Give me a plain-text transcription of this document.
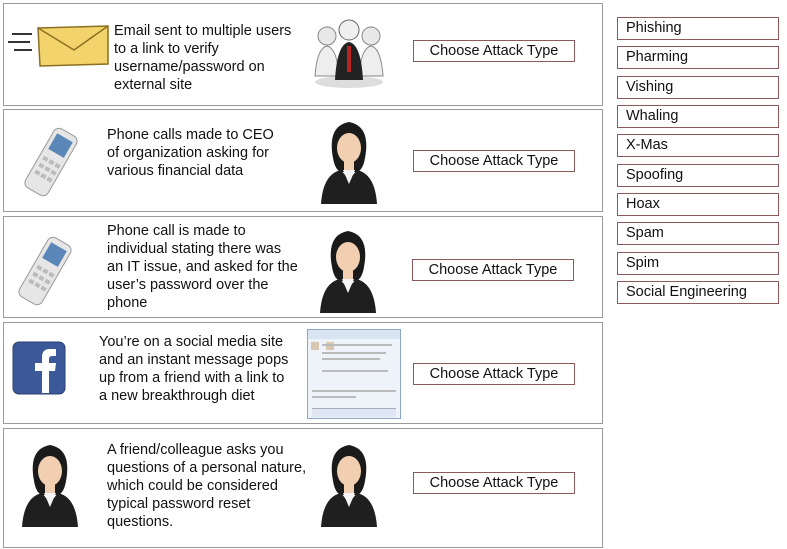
Email sent to multiple users
to a link to verify
username/password on
external site
Choose Attack Type
Phone calls made to CEO
of organization asking for
various financial data
Choose Attack Type
Phone call is made to
individual stating there was
an IT issue, and asked for the
user’s password over the
phone
Choose Attack Type
You’re on a social media site
and an instant message pops
up from a friend with a link to
a new breakthrough diet
Choose Attack Type

A friend/colleague asks you
questions of a personal nature,
which could be considered
typical password reset
questions.
Choose Attack Type
Phishing
Pharming
Vishing
Whaling
X-Mas
Spoofing
Hoax
Spam
Spim
Social Engineering
